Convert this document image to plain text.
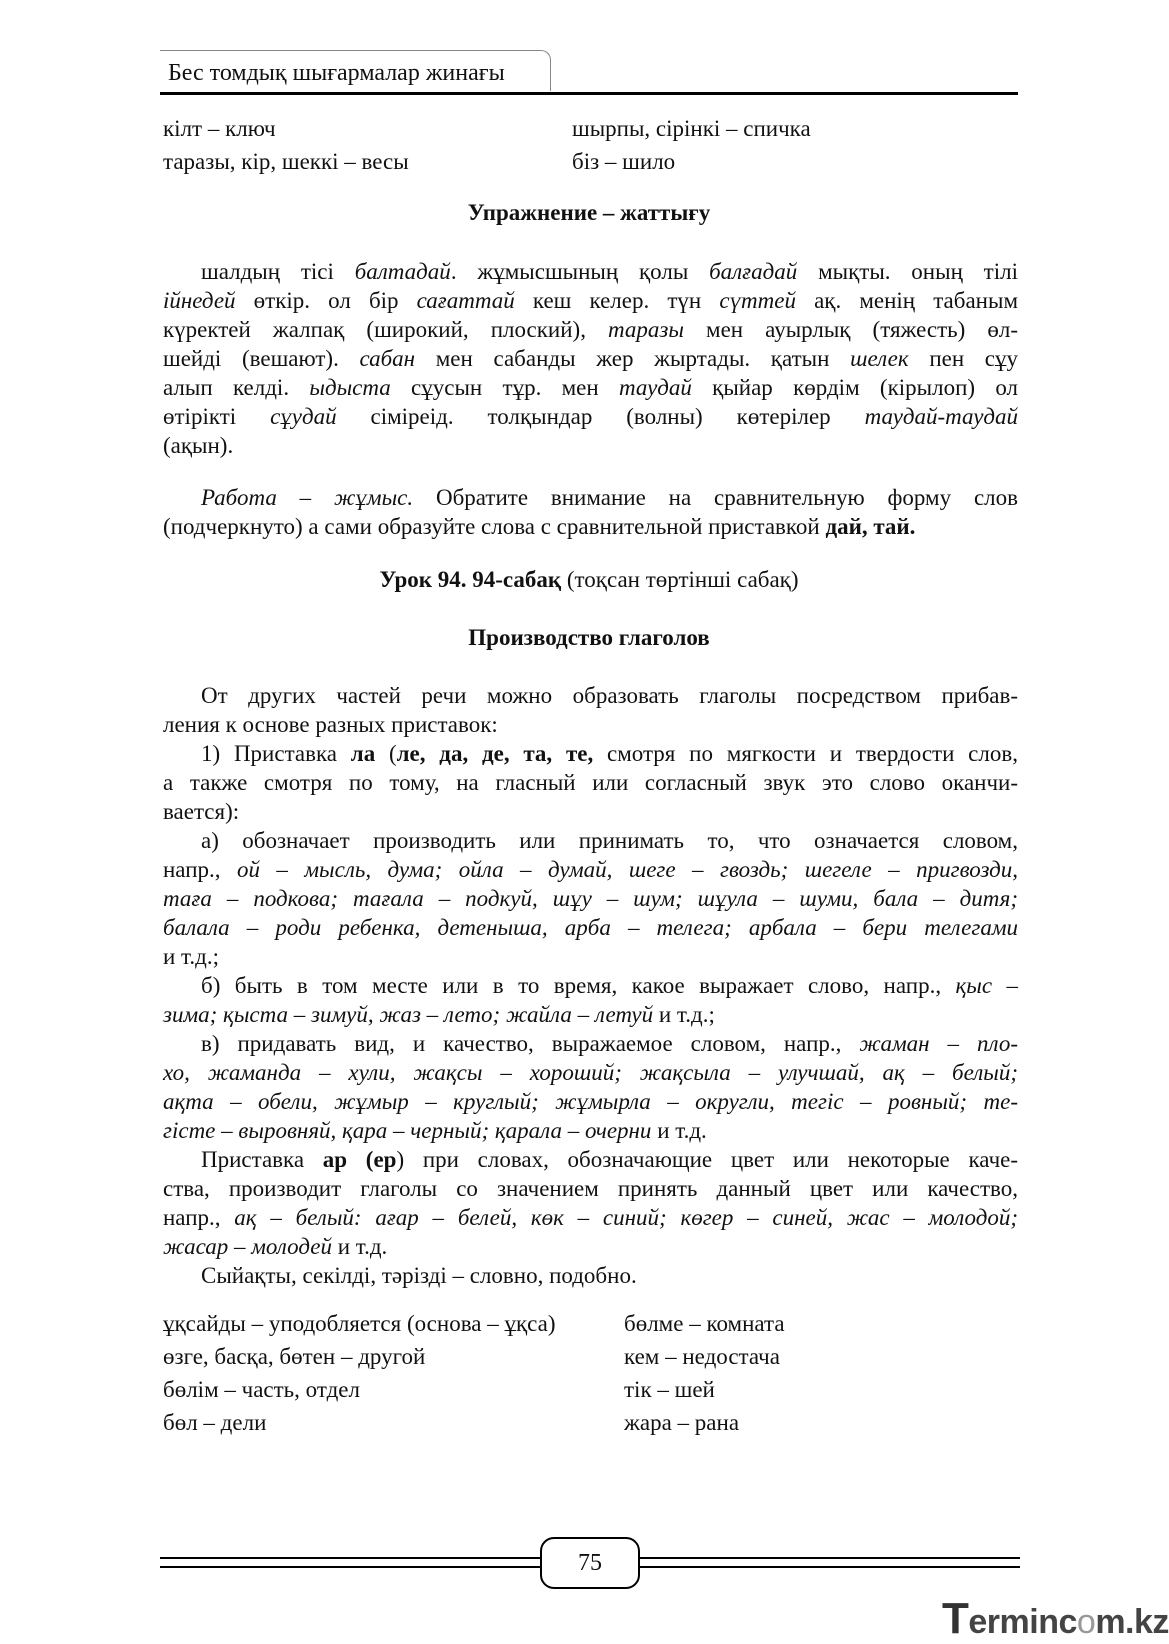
Бес томдық шығармалар жинағы
кілт – ключ
таразы, кір, шеккі – весы
шырпы, сірінкі – спичка
біз – шило
Упражнение – жаттығу
шалдың тісі балтадай. жұмысшының қолы балғадай мықты. оның тілі
ійнедей өткір. ол бір сағаттай кеш келер. түн сүттей ақ. менің табаным
күректей жалпақ (широкий, плоский), таразы мен ауырлық (тяжесть) өл-
шейді (вешают). сабан мен сабанды жер жыртады. қатын шелек пен сұу
алып келді. ыдыста сұусын тұр. мен таудай қыйар көрдім (кірылоп) ол
өтірікті сұудай сіміреід. толқындар (волны) көтерілер таудай-таудай
(ақын).
Работа – жұмыс. Обратите внимание на сравнительную форму слов
(подчеркнуто) а сами образуйте слова с сравнительной приставкой дай, тай.
Урок 94. 94-сабақ (тоқсан төртінші сабақ)
Производство глаголов
От других частей речи можно образовать глаголы посредством прибав-
ления к основе разных приставок:
1) Приставка ла (ле, да, де, та, те, смотря по мягкости и твердости слов,
а также смотря по тому, на гласный или согласный звук это слово оканчи-
вается):
а) обозначает производить или принимать то, что означается словом,
напр., ой – мысль, дума; ойла – думай, шеге – гвоздь; шегеле – пригвозди,
таға – подкова; тағала – подкуй, шұу – шум; шұула – шуми, бала – дитя;
балала – роди ребенка, детеныша, арба – телега; арбала – бери телегами
и т.д.;
б) быть в том месте или в то время, какое выражает слово, напр., қыс –
зима; қыста – зимуй, жаз – лето; жайла – летуй и т.д.;
в) придавать вид, и качество, выражаемое словом, напр., жаман – пло-
хо, жаманда – хули, жақсы – хороший; жақсыла – улучшай, ақ – белый;
ақта – обели, жұмыр – круглый; жұмырла – округли, тегіс – ровный; те-
гісте – выровняй, қара – черный; қарала – очерни и т.д.
Приставка ар (ер) при словах, обозначающие цвет или некоторые каче-
ства, производит глаголы со значением принять данный цвет или качество,
напр., ақ – белый: ағар – белей, көк – синий; көгер – синей, жас – молодой;
жасар – молодей и т.д.
Сыйақты, секілді, тәрізді – словно, подобно.
ұқсайды – уподобляется (основа – ұқса)
өзге, басқа, бөтен – другой
бөлім – часть, отдел
бөл – дели
бөлме – комната
кем – недостача
тік – шей
жара – рана
75
Termincom.kz
